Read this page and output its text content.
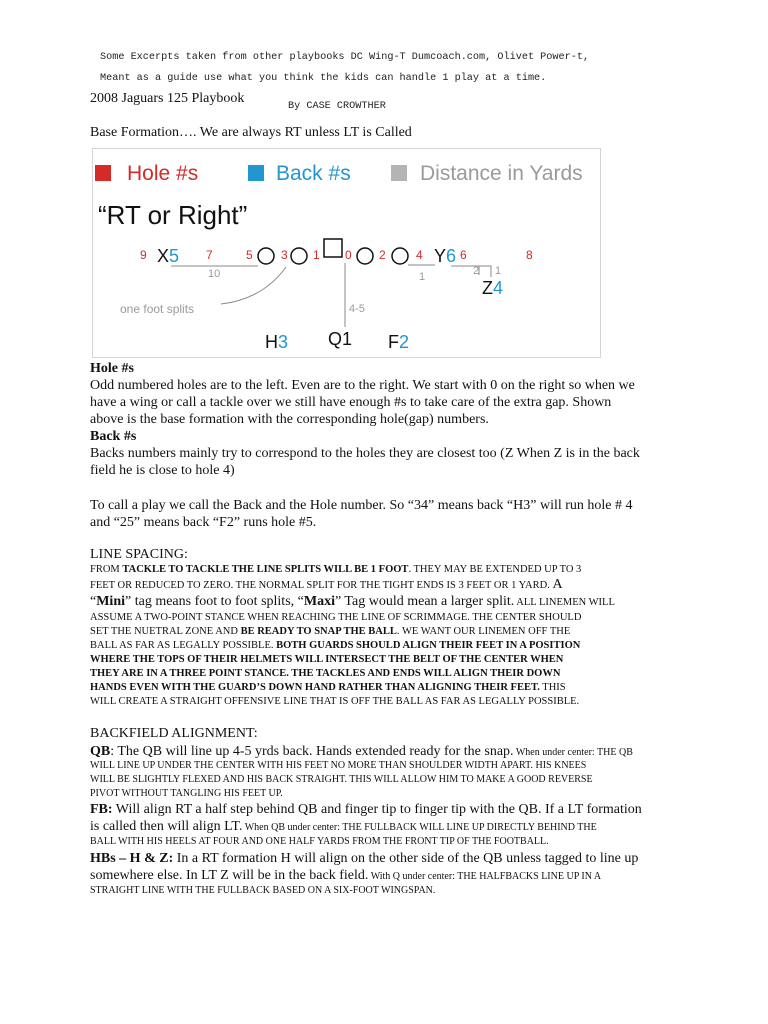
Some Excerpts taken from other playbooks DC Wing-T Dumcoach.com, Olivet Power-t,
Meant as a guide use what you think the kids can handle 1 play at a time.
2008 Jaguars 125 Playbook
By CASE CROWTHER
Base Formation…. We are always RT unless LT is Called
Hole #s	Back #s	Distance in Yards
“RT or Right”
9	7	5 3 1 0 2	4	6	8
X5	Y6
10	1	2 1
Z4
4-5
one foot splits
H3 Q1 F2
Hole #s
Odd numbered holes are to the left. Even are to the right. We start with 0 on the right so when we
have a wing or call a tackle over we still have enough #s to take care of the extra gap. Shown
above is the base formation with the corresponding hole(gap) numbers.
Back #s
Backs numbers mainly try to correspond to the holes they are closest too (Z When Z is in the back
field he is close to hole 4)
To call a play we call the Back and the Hole number. So “34” means back “H3” will run hole # 4
and “25” means back “F2” runs hole #5.
LINE SPACING:
FROM TACKLE TO TACKLE THE LINE SPLITS WILL BE 1 FOOT. THEY MAY BE EXTENDED UP TO 3
FEET OR REDUCED TO ZERO. THE NORMAL SPLIT FOR THE TIGHT ENDS IS 3 FEET OR 1 YARD. A
“Mini” tag means foot to foot splits, “Maxi” Tag would mean a larger split. ALL LINEMEN WILL
ASSUME A TWO-POINT STANCE WHEN REACHING THE LINE OF SCRIMMAGE. THE CENTER SHOULD
SET THE NUETRAL ZONE AND BE READY TO SNAP THE BALL. WE WANT OUR LINEMEN OFF THE
BALL AS FAR AS LEGALLY POSSIBLE. BOTH GUARDS SHOULD ALIGN THEIR FEET IN A POSITION
WHERE THE TOPS OF THEIR HELMETS WILL INTERSECT THE BELT OF THE CENTER WHEN
THEY ARE IN A THREE POINT STANCE. THE TACKLES AND ENDS WILL ALIGN THEIR DOWN
HANDS EVEN WITH THE GUARD’S DOWN HAND RATHER THAN ALIGNING THEIR FEET. THIS
WILL CREATE A STRAIGHT OFFENSIVE LINE THAT IS OFF THE BALL AS FAR AS LEGALLY POSSIBLE.
BACKFIELD ALIGNMENT:
QB: The QB will line up 4-5 yrds back. Hands extended ready for the snap. When under center: THE QB
WILL LINE UP UNDER THE CENTER WITH HIS FEET NO MORE THAN SHOULDER WIDTH APART. HIS KNEES
WILL BE SLIGHTLY FLEXED AND HIS BACK STRAIGHT. THIS WILL ALLOW HIM TO MAKE A GOOD REVERSE
PIVOT WITHOUT TANGLING HIS FEET UP.
FB: Will align RT a half step behind QB and finger tip to finger tip with the QB. If a LT formation
is called then will align LT. When QB under center: THE FULLBACK WILL LINE UP DIRECTLY BEHIND THE
BALL WITH HIS HEELS AT FOUR AND ONE HALF YARDS FROM THE FRONT TIP OF THE FOOTBALL.
HBs – H & Z: In a RT formation H will align on the other side of the QB unless tagged to line up
somewhere else. In LT Z will be in the back field. With Q under center: THE HALFBACKS LINE UP IN A
STRAIGHT LINE WITH THE FULLBACK BASED ON A SIX-FOOT WINGSPAN.
